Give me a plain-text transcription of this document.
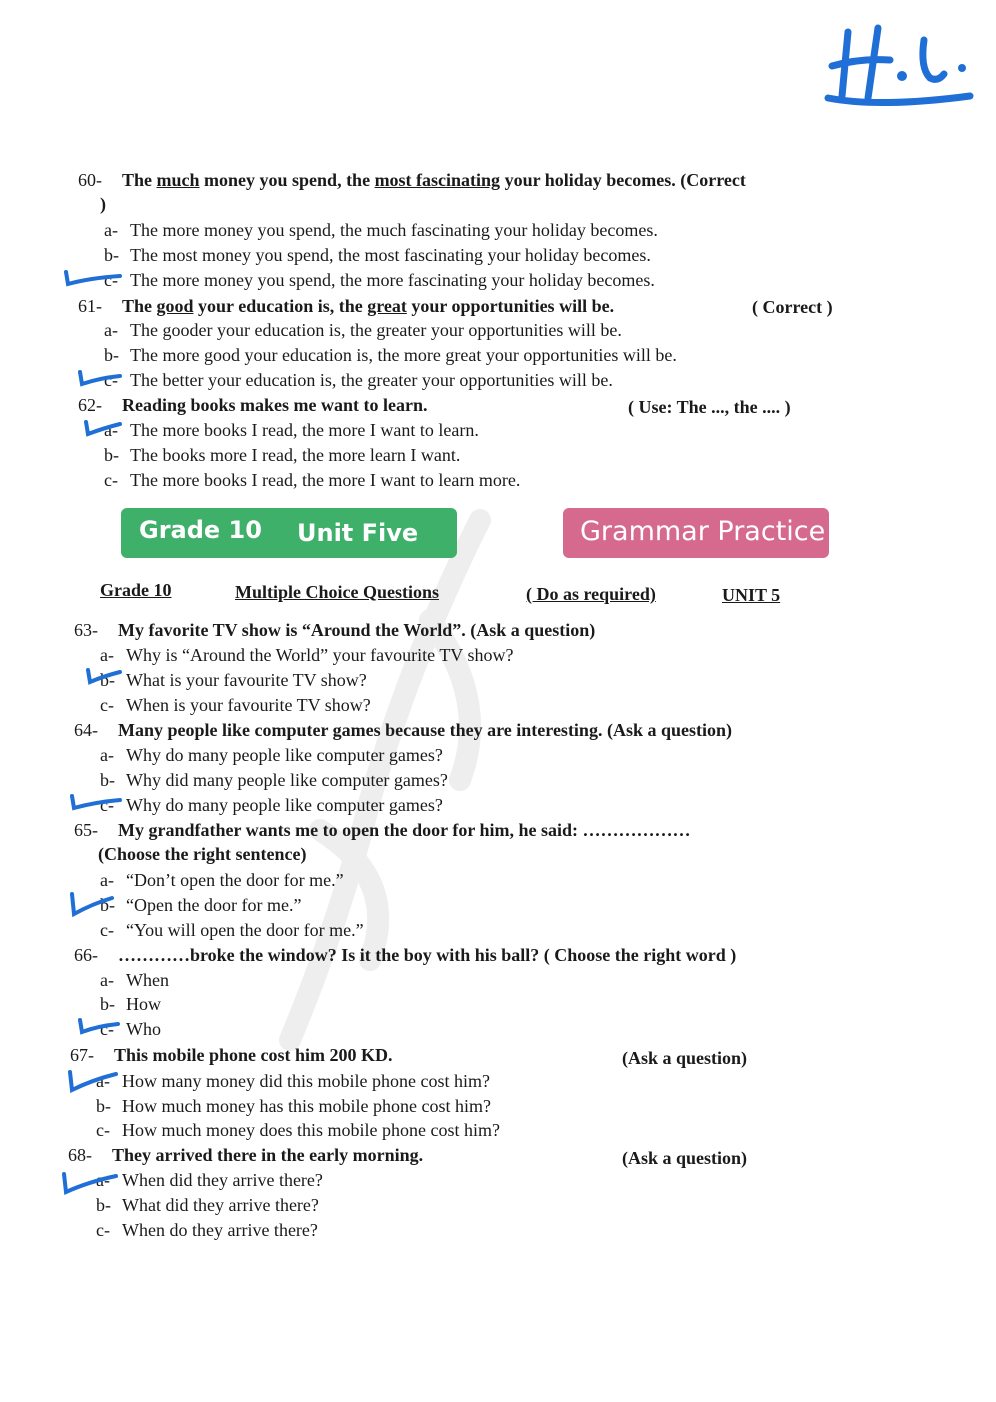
H.L.
60- The much money you spend, the most fascinating your holiday becomes. (Correct
)
a- The more money you spend, the much fascinating your holiday becomes.
b- The most money you spend, the most fascinating your holiday becomes.
c- The more money you spend, the more fascinating your holiday becomes.
61- The good your education is, the great your opportunities will be.	( Correct )
a- The gooder your education is, the greater your opportunities will be.
b- The more good your education is, the more great your opportunities will be.
c- The better your education is, the greater your opportunities will be.
62- Reading books makes me want to learn.	( Use: The ..., the .... )
a- The more books I read, the more I want to learn.
b- The books more I read, the more learn I want.
c- The more books I read, the more I want to learn more.
Grade 10 Unit Five	Grammar Practice
Grade 10	Multiple Choice Questions	( Do as required)	UNIT 5
63- My favorite TV show is “Around the World”. (Ask a question)
a- Why is “Around the World” your favourite TV show?
b- What is your favourite TV show?
c- When is your favourite TV show?
64- Many people like computer games because they are interesting. (Ask a question)
a- Why do many people like computer games?
b- Why did many people like computer games?
c- Why do many people like computer games?
65- My grandfather wants me to open the door for him, he said: ………………
(Choose the right sentence)
a- “Don’t open the door for me.”
b- “Open the door for me.”
c- “You will open the door for me.”
66- …………broke the window? Is it the boy with his ball? ( Choose the right word )
a- When
b- How
c- Who
67- This mobile phone cost him 200 KD.	(Ask a question)
a- How many money did this mobile phone cost him?
b- How much money has this mobile phone cost him?
c- How much money does this mobile phone cost him?
68- They arrived there in the early morning.	(Ask a question)
a- When did they arrive there?
b- What did they arrive there?
c- When do they arrive there?
